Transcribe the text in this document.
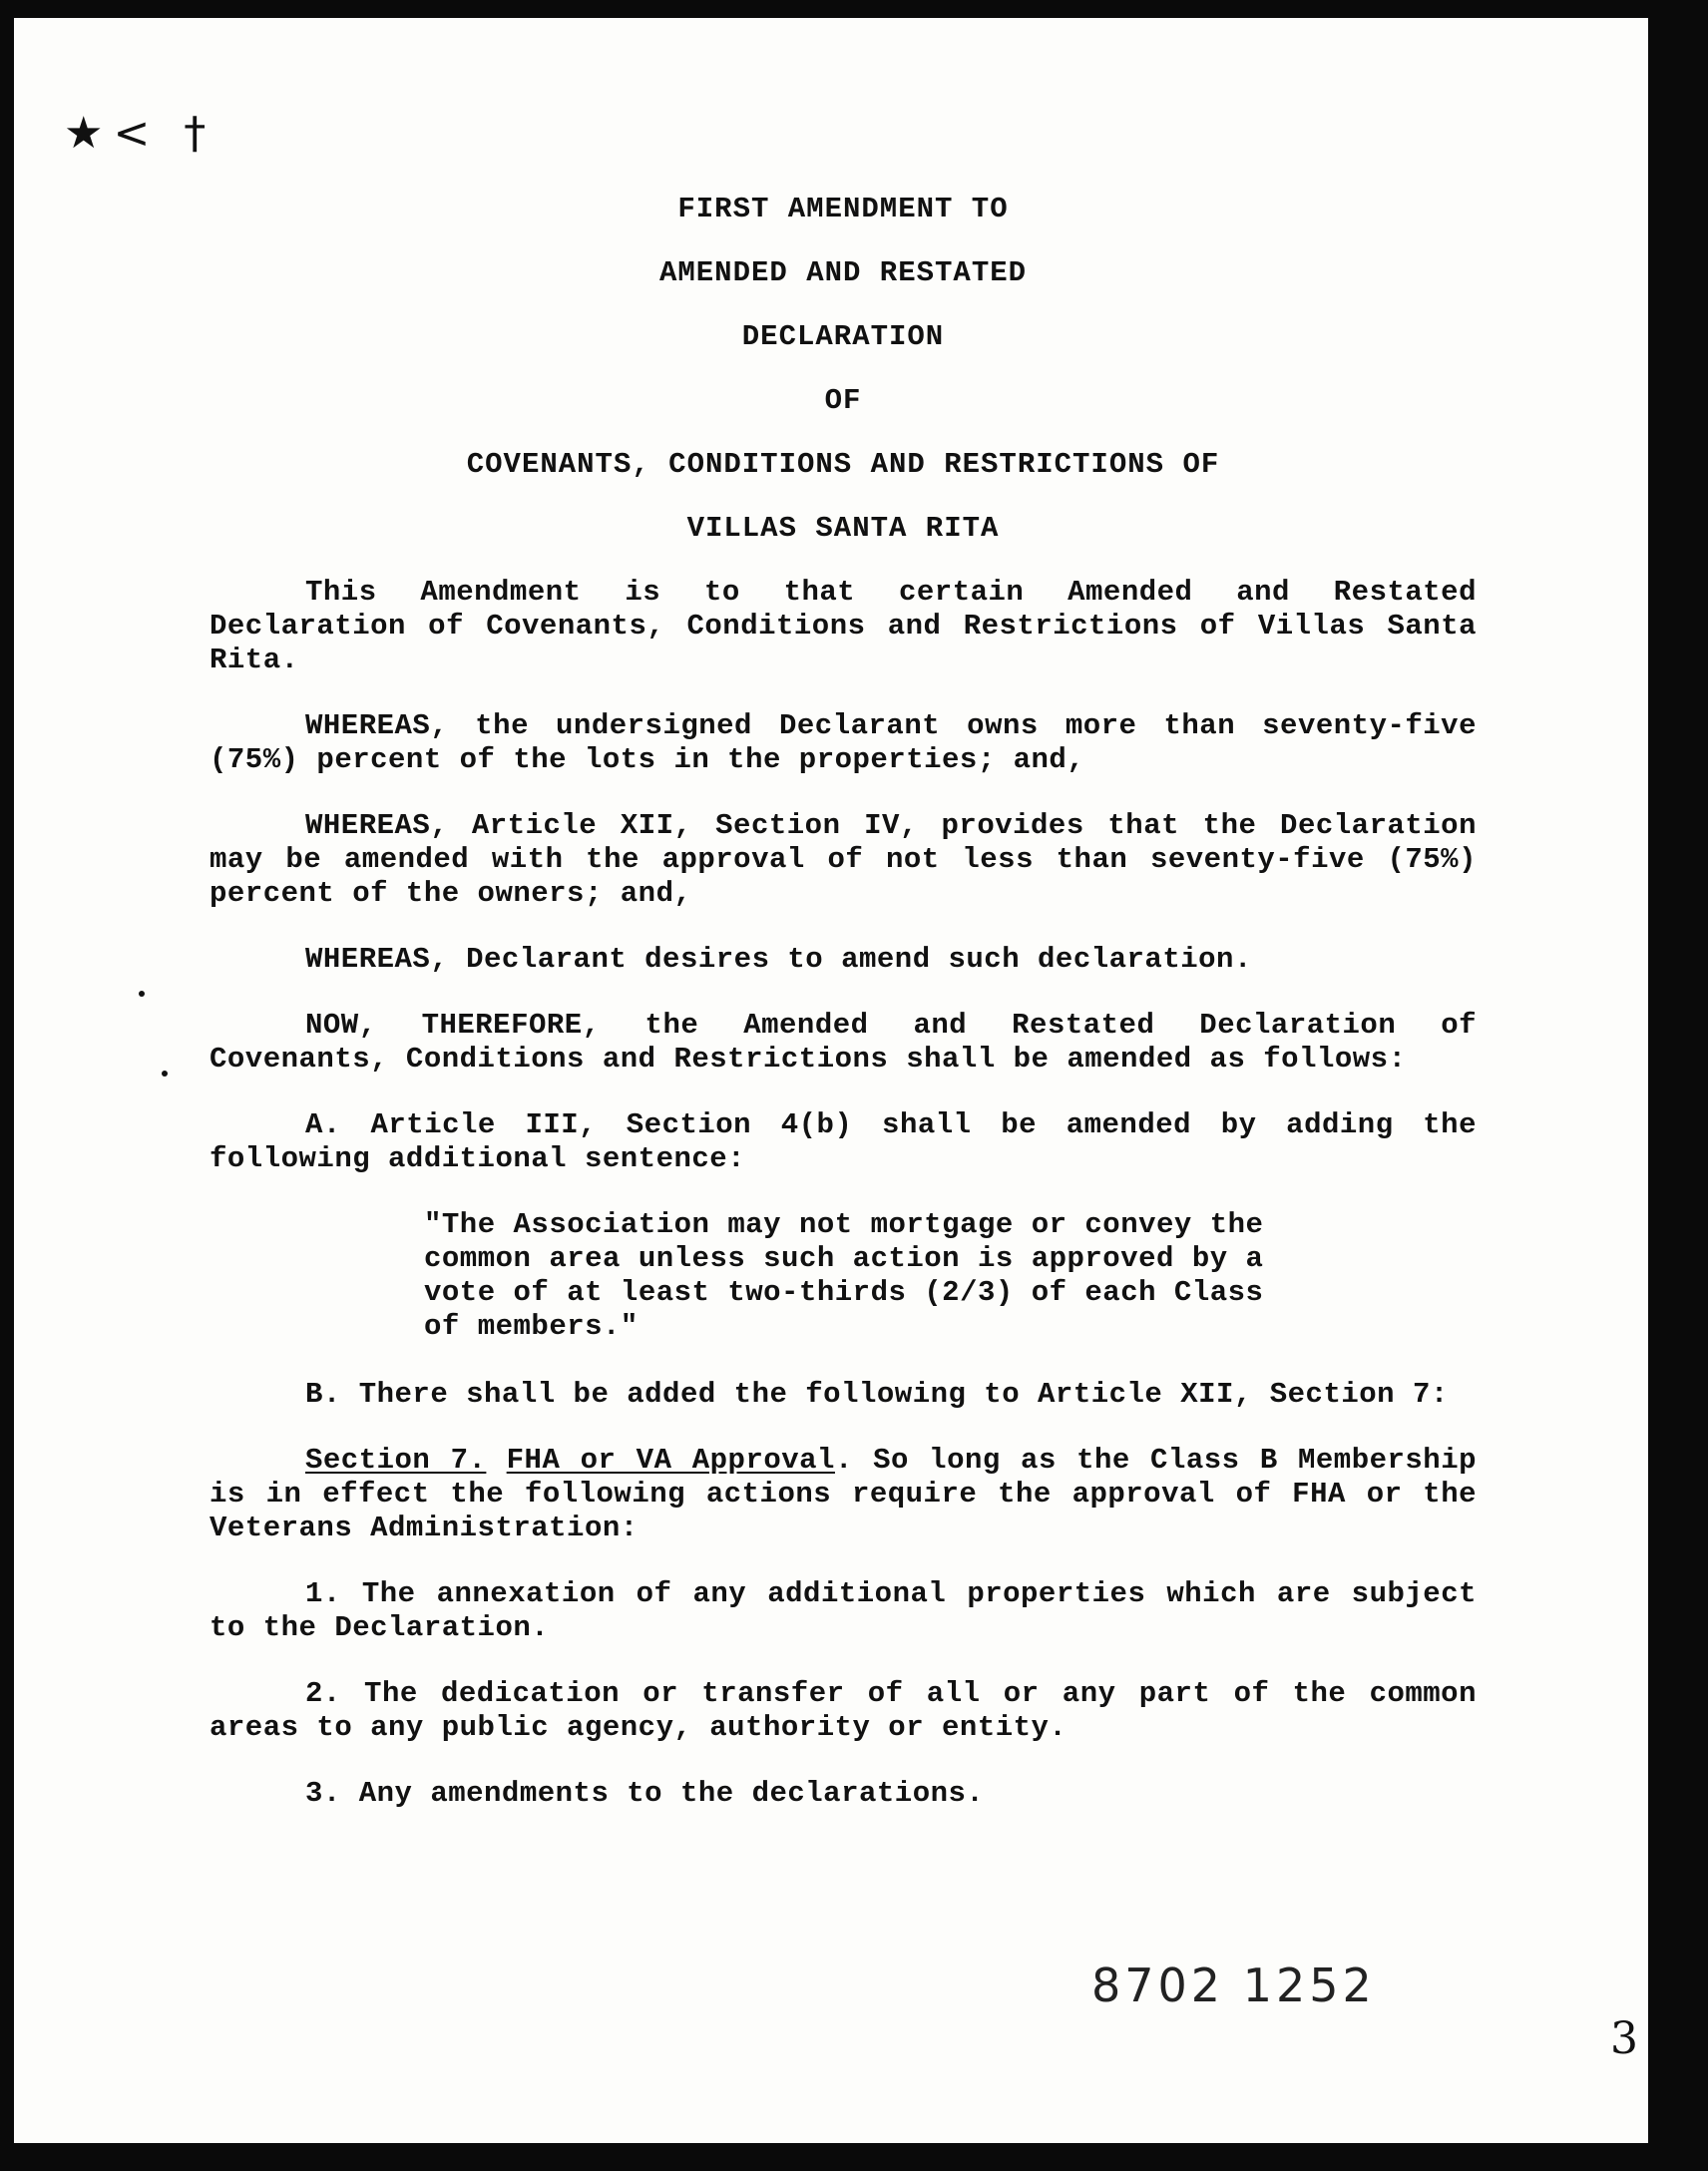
★< †
FIRST AMENDMENT TO
AMENDED AND RESTATED
DECLARATION
OF
COVENANTS, CONDITIONS AND RESTRICTIONS OF
VILLAS SANTA RITA

This Amendment is to that certain Amended and Restated Declaration of Covenants, Conditions and Restrictions of Villas Santa Rita.

WHEREAS, the undersigned Declarant owns more than seventy-five (75%) percent of the lots in the properties; and,

WHEREAS, Article XII, Section IV, provides that the Declaration may be amended with the approval of not less than seventy-five (75%) percent of the owners; and,

WHEREAS, Declarant desires to amend such declaration.

NOW, THEREFORE, the Amended and Restated Declaration of Covenants, Conditions and Restrictions shall be amended as follows:

A. Article III, Section 4(b) shall be amended by adding the following additional sentence:

"The Association may not mortgage or convey the common area unless such action is approved by a vote of at least two-thirds (2/3) of each Class of members."

B. There shall be added the following to Article XII, Section 7:

Section 7. FHA or VA Approval. So long as the Class B Membership is in effect the following actions require the approval of FHA or the Veterans Administration:

1. The annexation of any additional properties which are subject to the Declaration.

2. The dedication or transfer of all or any part of the common areas to any public agency, authority or entity.

3. Any amendments to the declarations.

8702 1252
3
